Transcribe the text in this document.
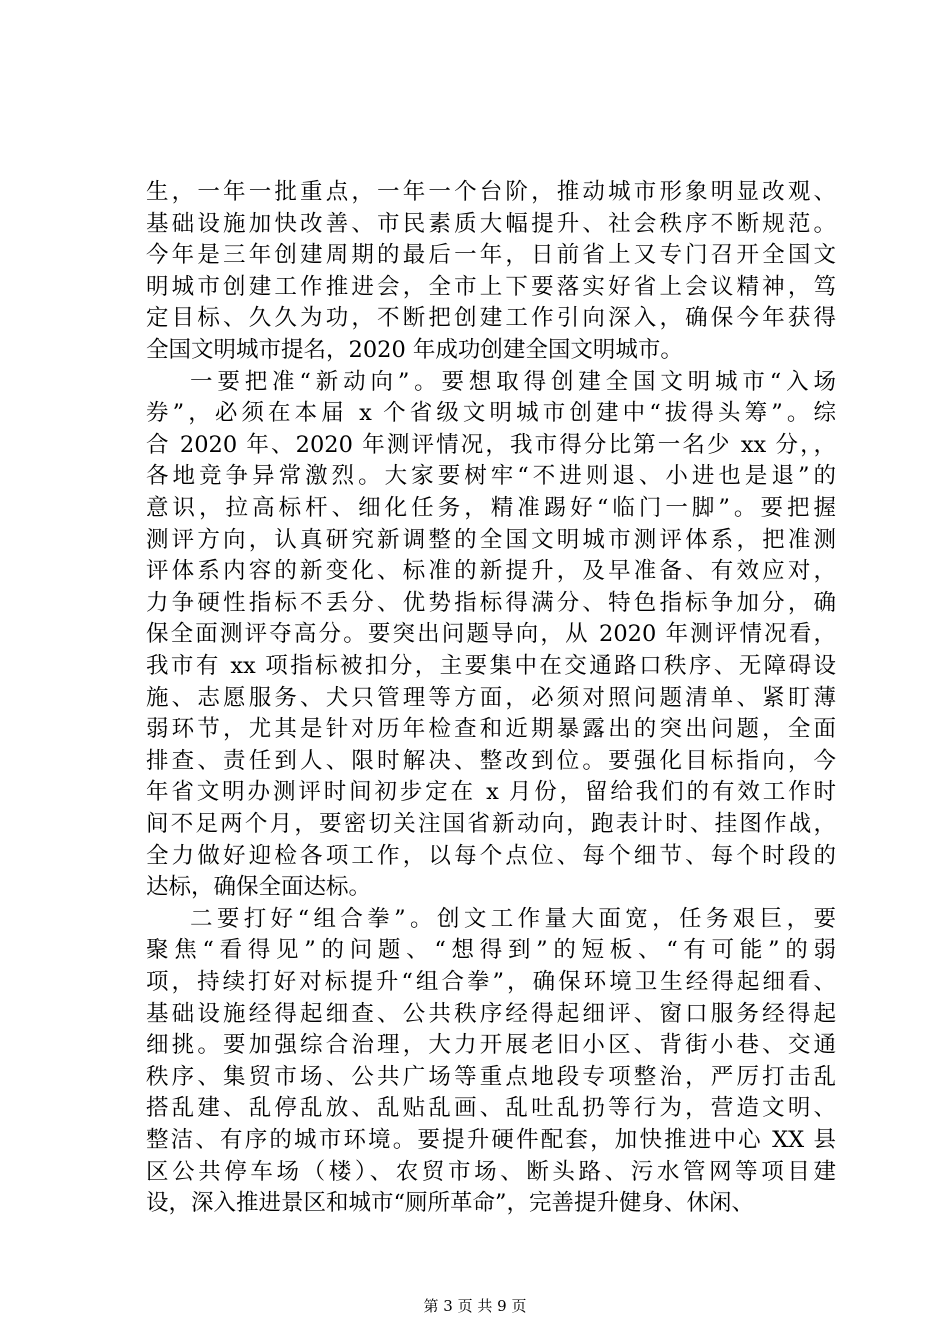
生，一年一批重点，一年一个台阶，推动城市形象明显改观、
基础设施加快改善、市民素质大幅提升、社会秩序不断规范。
今年是三年创建周期的最后一年，日前省上又专门召开全国文
明城市创建工作推进会，全市上下要落实好省上会议精神，笃
定目标、久久为功，不断把创建工作引向深入，确保今年获得
全国文明城市提名，2020 年成功创建全国文明城市。
一要把准“新动向”。要想取得创建全国文明城市“入场
券”，必须在本届 x 个省级文明城市创建中“拔得头筹”。综
合 2020 年、2020 年测评情况，我市得分比第一名少 xx 分，，
各地竞争异常激烈。大家要树牢“不进则退、小进也是退”的
意识，拉高标杆、细化任务，精准踢好“临门一脚”。要把握
测评方向，认真研究新调整的全国文明城市测评体系，把准测
评体系内容的新变化、标准的新提升，及早准备、有效应对，
力争硬性指标不丢分、优势指标得满分、特色指标争加分，确
保全面测评夺高分。要突出问题导向，从 2020 年测评情况看，
我市有 xx 项指标被扣分，主要集中在交通路口秩序、无障碍设
施、志愿服务、犬只管理等方面，必须对照问题清单、紧盯薄
弱环节，尤其是针对历年检查和近期暴露出的突出问题，全面
排查、责任到人、限时解决、整改到位。要强化目标指向，今
年省文明办测评时间初步定在 x 月份，留给我们的有效工作时
间不足两个月，要密切关注国省新动向，跑表计时、挂图作战，
全力做好迎检各项工作，以每个点位、每个细节、每个时段的
达标，确保全面达标。
二要打好“组合拳”。创文工作量大面宽，任务艰巨，要
聚焦“看得见”的问题、“想得到”的短板、“有可能”的弱
项，持续打好对标提升“组合拳”，确保环境卫生经得起细看、
基础设施经得起细查、公共秩序经得起细评、窗口服务经得起
细挑。要加强综合治理，大力开展老旧小区、背街小巷、交通
秩序、集贸市场、公共广场等重点地段专项整治，严厉打击乱
搭乱建、乱停乱放、乱贴乱画、乱吐乱扔等行为，营造文明、
整洁、有序的城市环境。要提升硬件配套，加快推进中心 XX 县
区公共停车场（楼）、农贸市场、断头路、污水管网等项目建
设，深入推进景区和城市“厕所革命”，完善提升健身、休闲、
第 3 页 共 9 页
